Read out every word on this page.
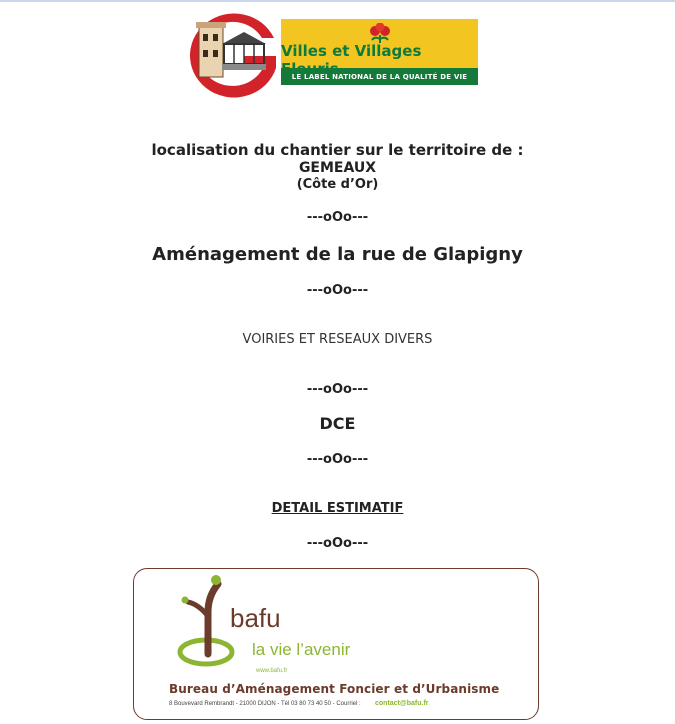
Villes et Villages
LE LABEL NATIONAL DE LA QUALITÉ DE VIE
localisation du chantier sur le territoire de :
GEMEAUX
(Côte d’Or)
---oOo---
Aménagement de la rue de Glapigny
---oOo---
VOIRIES ET RESEAUX DIVERS
---oOo---
DCE
---oOo---
DETAIL ESTIMATIF
---oOo---
bafu
la vie l’avenir
www.bafu.fr
Bureau d’Aménagement Foncier et d’Urbanisme
8 Bouvevard Rembrandt - 21000 DIJON - Tél 03 80 73 40 50 - Courriel : contact@bafu.fr
